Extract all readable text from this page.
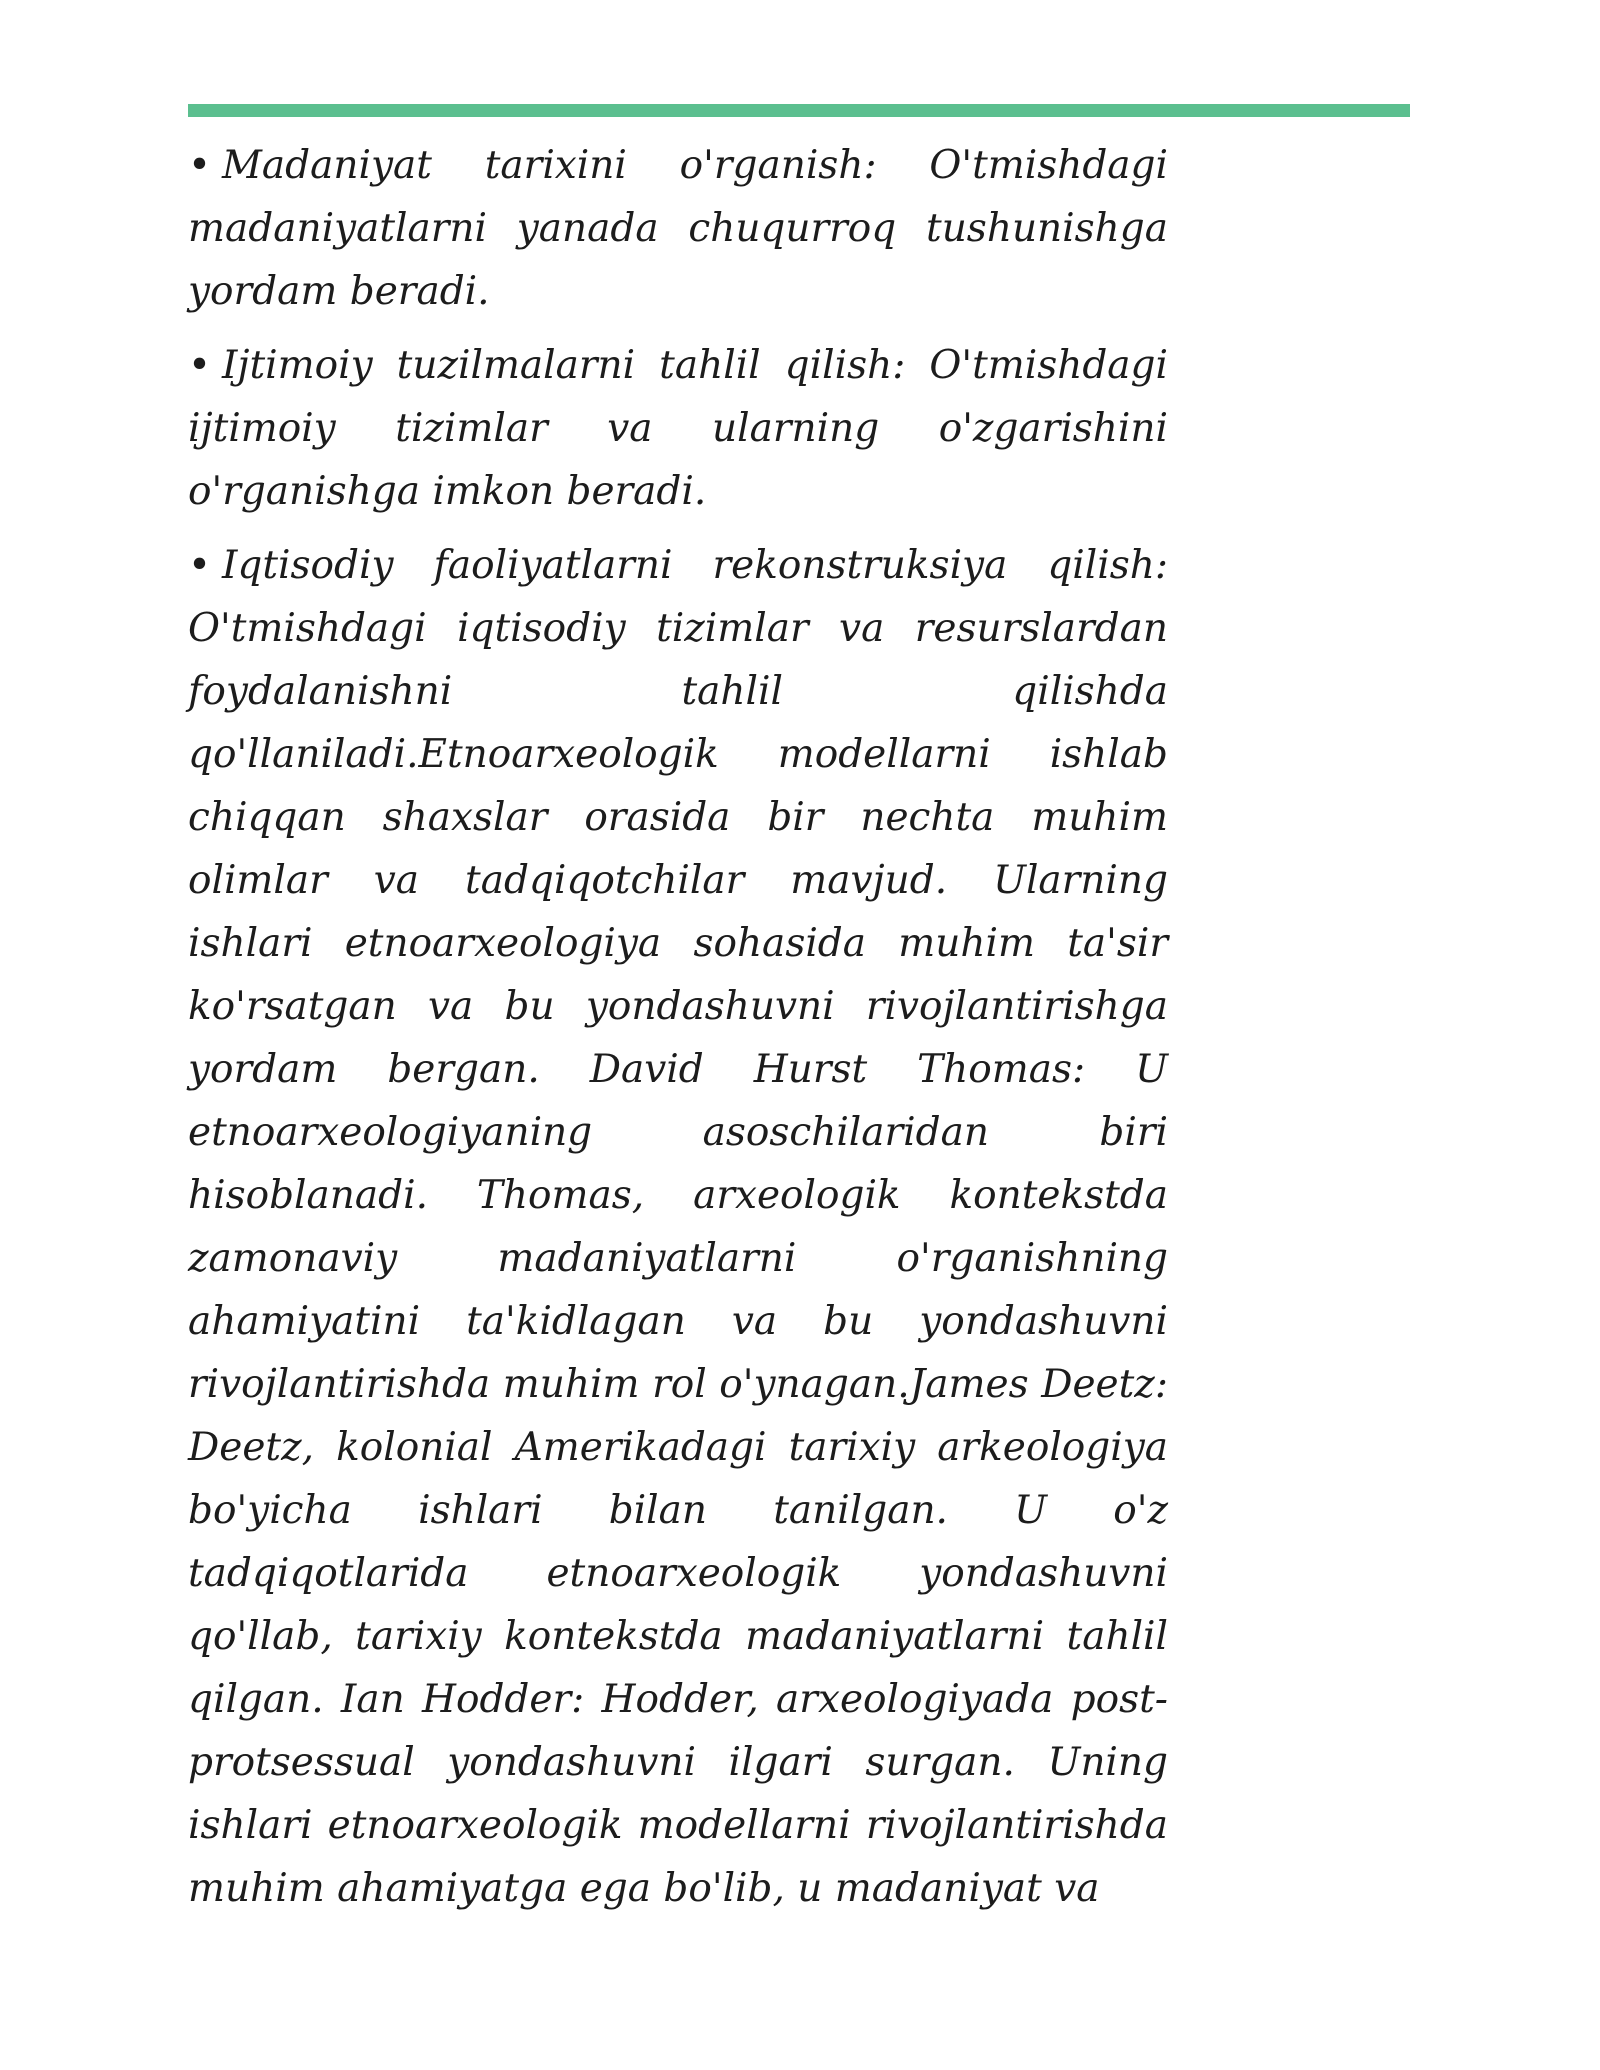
• Madaniyat tarixini o'rganish: O'tmishdagi madaniyatlarni yanada chuqurroq tushunishga yordam beradi.

• Ijtimoiy tuzilmalarni tahlil qilish: O'tmishdagi ijtimoiy tizimlar va ularning o'zgarishini o'rganishga imkon beradi.

• Iqtisodiy faoliyatlarni rekonstruksiya qilish: O'tmishdagi iqtisodiy tizimlar va resurslardan foydalanishni tahlil qilishda qo'llaniladi.Etnoarxeologik modellarni ishlab chiqqan shaxslar orasida bir nechta muhim olimlar va tadqiqotchilar mavjud. Ularning ishlari etnoarxeologiya sohasida muhim ta'sir ko'rsatgan va bu yondashuvni rivojlantirishga yordam bergan. David Hurst Thomas: U etnoarxeologiyaning asoschilaridan biri hisoblanadi. Thomas, arxeologik kontekstda zamonaviy madaniyatlarni o'rganishning ahamiyatini ta'kidlagan va bu yondashuvni rivojlantirishda muhim rol o'ynagan.James Deetz: Deetz, kolonial Amerikadagi tarixiy arkeologiya bo'yicha ishlari bilan tanilgan. U o'z tadqiqotlarida etnoarxeologik yondashuvni qo'llab, tarixiy kontekstda madaniyatlarni tahlil qilgan. Ian Hodder: Hodder, arxeologiyada post-protsessual yondashuvni ilgari surgan. Uning ishlari etnoarxeologik modellarni rivojlantirishda muhim ahamiyatga ega bo'lib, u madaniyat va
